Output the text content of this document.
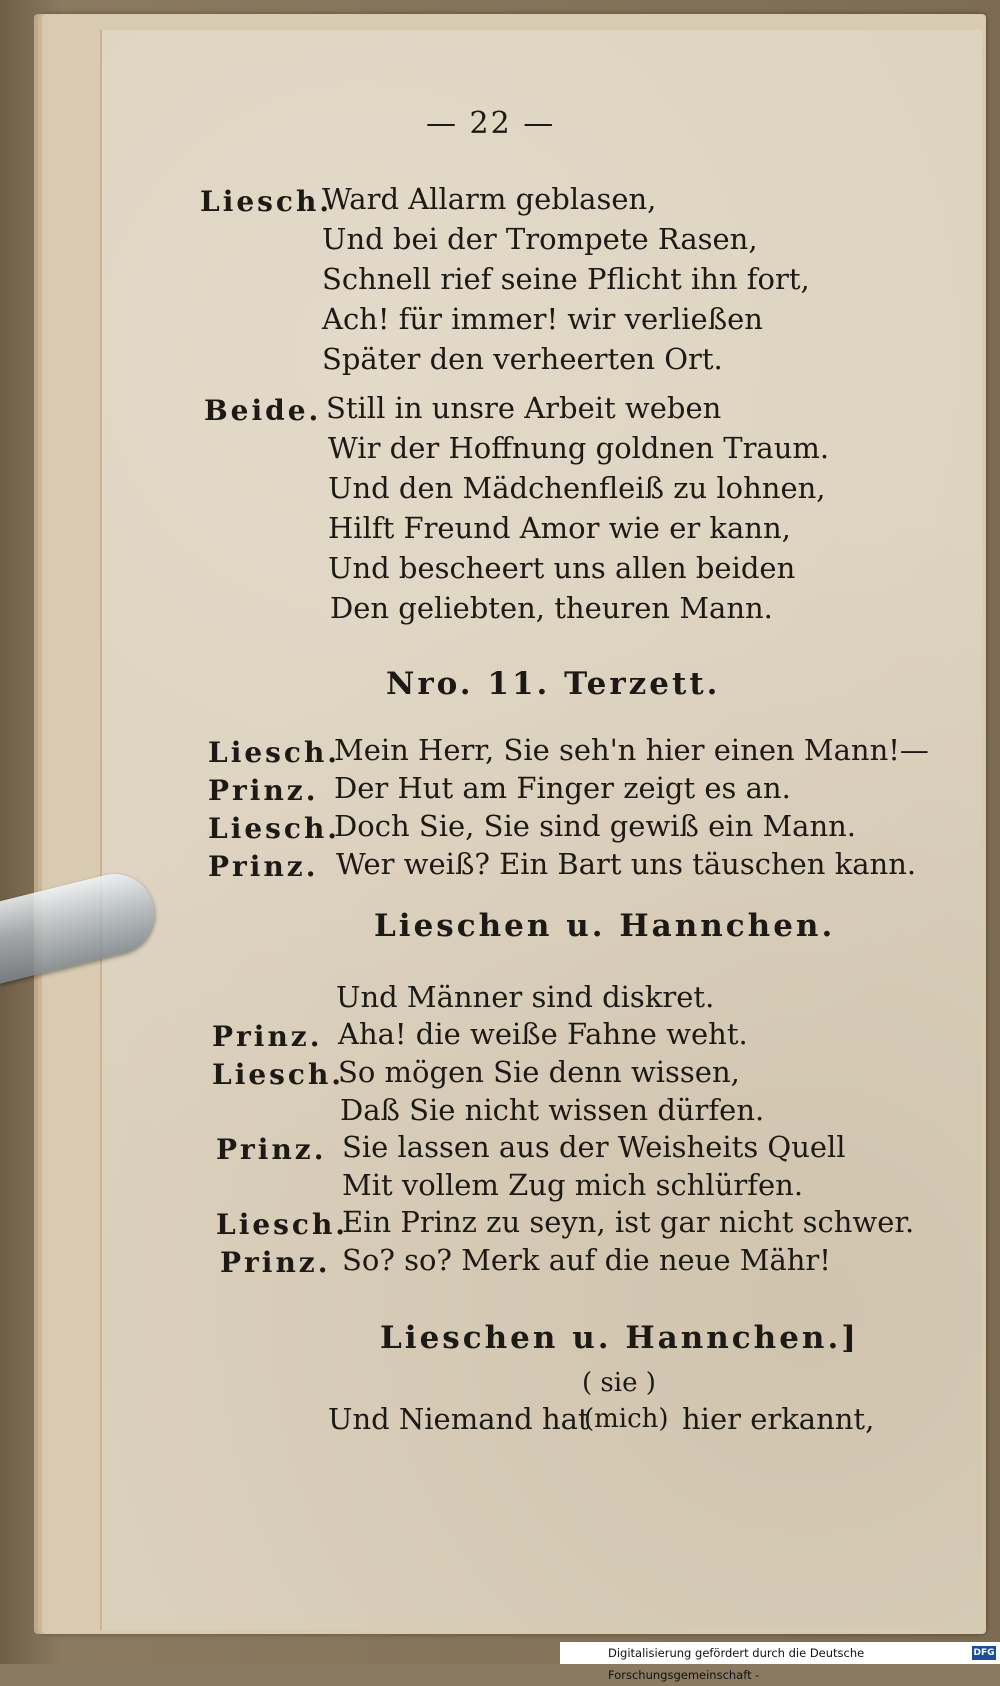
— 22 —
Liesch.
Ward Allarm geblasen,
Und bei der Trompete Rasen,
Schnell rief seine Pflicht ihn fort,
Ach! für immer! wir verließen
Später den verheerten Ort.
Beide. Still in unsre Arbeit weben
Wir der Hoffnung goldnen Traum.
Und den Mädchenfleiß zu lohnen,
Hilft Freund Amor wie er kann,
Und bescheert uns allen beiden
Den geliebten, theuren Mann.
Nro. 11. Terzett.
Liesch.
Mein Herr, Sie seh'n hier einen Mann!—
Prinz. Der Hut am Finger zeigt es an.
Liesch.
Doch Sie, Sie sind gewiß ein Mann.
Prinz. Wer weiß? Ein Bart uns täuschen kann.
Lieschen u. Hannchen.
Und Männer sind diskret.
Prinz. Aha! die weiße Fahne weht.
Liesch.
So mögen Sie denn wissen,
Daß Sie nicht wissen dürfen.
Prinz. Sie lassen aus der Weisheits Quell
Mit vollem Zug mich schlürfen.
Liesch.
Ein Prinz zu seyn, ist gar nicht schwer.
Prinz. So? so? Merk auf die neue Mähr!
Lieschen u. Hannchen.]
Und Niemand hat
( sie )
(mich) hier erkannt,
Digitalisierung gefördert durch die Deutsche Forschungsgemeinschaft -
DFG
